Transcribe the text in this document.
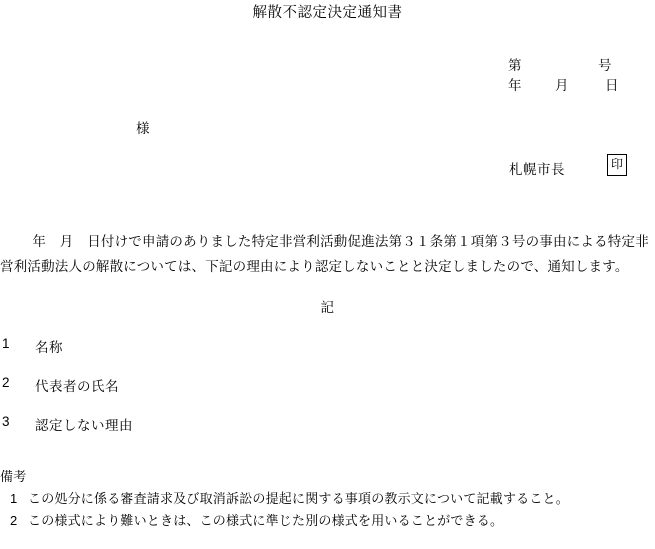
解散不認定決定通知書
第	号
年	月	日
様
札幌市長	印

年　月　日付けで申請のありました特定非営利活動促進法第３１条第１項第３号の事由による特定非営利活動法人の解散については、下記の理由により認定しないことと決定しましたので、通知します。

記
1	名称
2	代表者の氏名
3	認定しない理由

備考

1 この処分に係る審査請求及び取消訴訟の提起に関する事項の教示文について記載すること。
2 この様式により難いときは、この様式に準じた別の様式を用いることができる。
